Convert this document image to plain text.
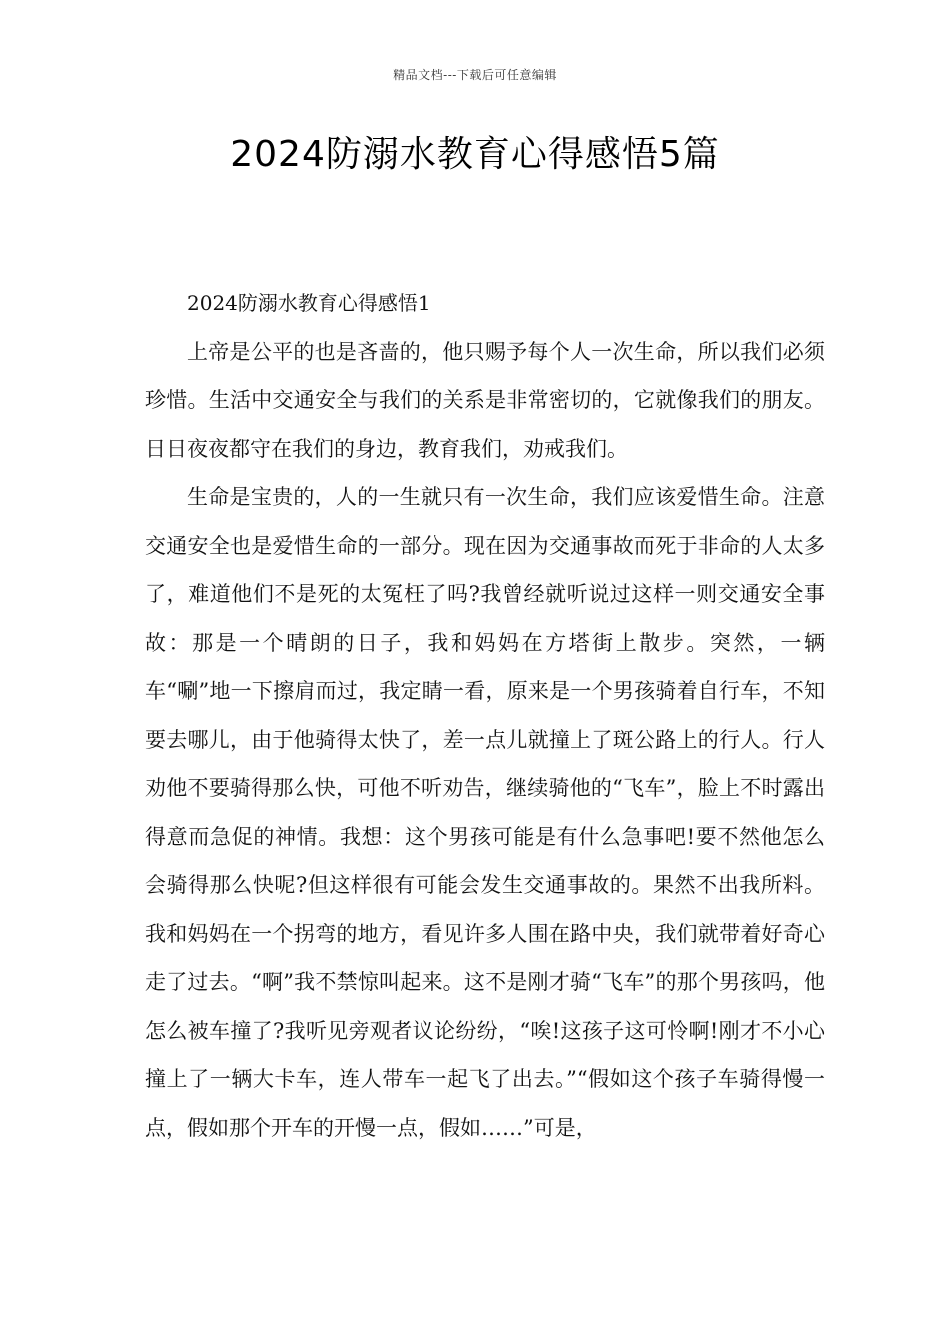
精品文档---下载后可任意编辑
2024防溺水教育心得感悟5篇

2024防溺水教育心得感悟1

上帝是公平的也是吝啬的，他只赐予每个人一次生命，所以我们必须珍惜。生活中交通安全与我们的关系是非常密切的，它就像我们的朋友。日日夜夜都守在我们的身边，教育我们，劝戒我们。

生命是宝贵的，人的一生就只有一次生命，我们应该爱惜生命。注意交通安全也是爱惜生命的一部分。现在因为交通事故而死于非命的人太多了，难道他们不是死的太冤枉了吗?我曾经就听说过这样一则交通安全事故：那是一个晴朗的日子，我和妈妈在方塔街上散步。突然，一辆车“唰”地一下擦肩而过，我定睛一看，原来是一个男孩骑着自行车，不知要去哪儿，由于他骑得太快了，差一点儿就撞上了斑公路上的行人。行人劝他不要骑得那么快，可他不听劝告，继续骑他的“飞车”，脸上不时露出得意而急促的神情。我想：这个男孩可能是有什么急事吧!要不然他怎么会骑得那么快呢?但这样很有可能会发生交通事故的。果然不出我所料。我和妈妈在一个拐弯的地方，看见许多人围在路中央，我们就带着好奇心走了过去。“啊”我不禁惊叫起来。这不是刚才骑“飞车”的那个男孩吗，他怎么被车撞了?我听见旁观者议论纷纷，“唉!这孩子这可怜啊!刚才不小心撞上了一辆大卡车，连人带车一起飞了出去。”“假如这个孩子车骑得慢一点，假如那个开车的开慢一点，假如……”可是，
